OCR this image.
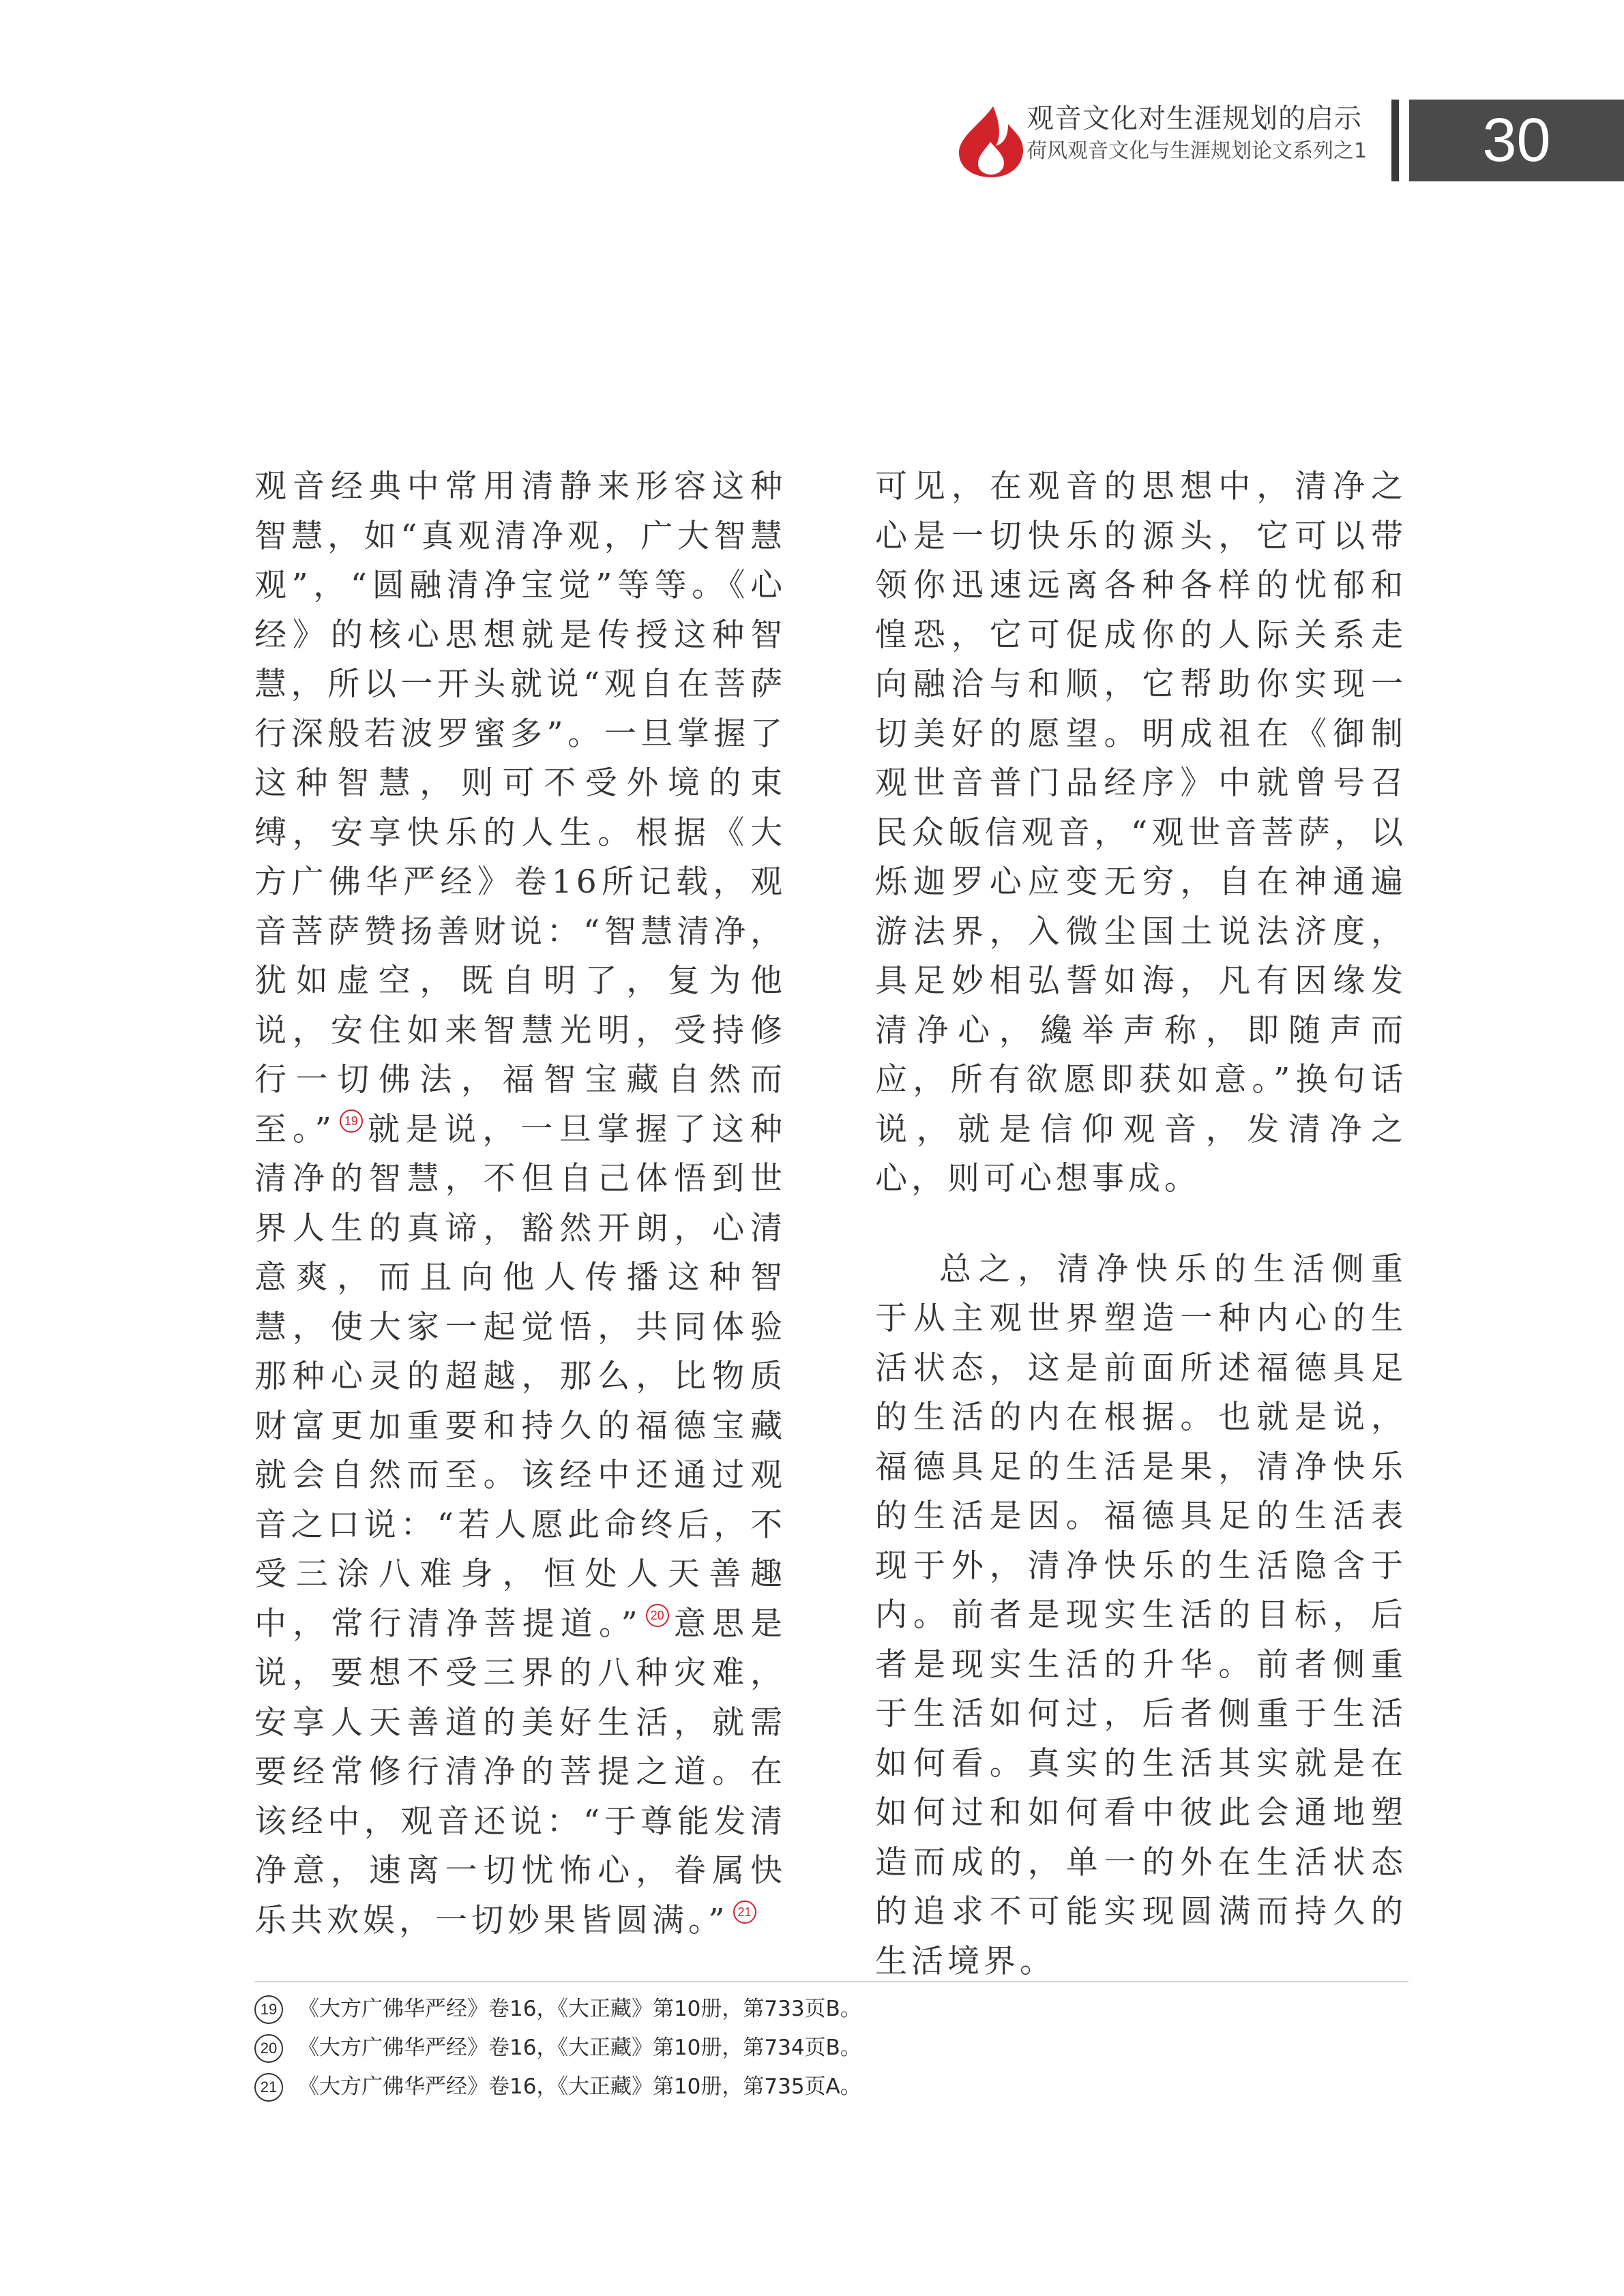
观音文化对生涯规划的启示
荷风观音文化与生涯规划论文系列之1	30

观音经典中常用清静来形容这种智慧，如“真观清净观，广大智慧观”，“圆融清净宝觉”等等。《心经》的核心思想就是传授这种智慧，所以一开头就说“观自在菩萨行深般若波罗蜜多”。一旦掌握了这种智慧，则可不受外境的束缚，安享快乐的人生。根据《大方广佛华严经》卷16所记载，观音菩萨赞扬善财说：“智慧清净，犹如虚空，既自明了，复为他说，安住如来智慧光明，受持修行一切佛法，福智宝藏自然而至。” 19 就是说，一旦掌握了这种清净的智慧，不但自己体悟到世界人生的真谛，豁然开朗，心清意爽，而且向他人传播这种智慧，使大家一起觉悟，共同体验那种心灵的超越，那么，比物质财富更加重要和持久的福德宝藏就会自然而至。该经中还通过观音之口说：“若人愿此命终后，不受三涂八难身，恒处人天善趣中，常行清净菩提道。” 20 意思是说，要想不受三界的八种灾难，安享人天善道的美好生活，就需要经常修行清净的菩提之道。在该经中，观音还说：“于尊能发清净意，速离一切忧怖心，眷属快乐共欢娱，一切妙果皆圆满。” 21

可见，在观音的思想中，清净之心是一切快乐的源头，它可以带领你迅速远离各种各样的忧郁和惶恐，它可促成你的人际关系走向融洽与和顺，它帮助你实现一切美好的愿望。明成祖在《御制观世音普门品经序》中就曾号召民众皈信观音，“观世音菩萨，以烁迦罗心应变无穷，自在神通遍游法界，入微尘国土说法济度，具足妙相弘誓如海，凡有因缘发清净心，纔举声称，即随声而应，所有欲愿即获如意。”换句话说，就是信仰观音，发清净之心，则可心想事成。

总之，清净快乐的生活侧重于从主观世界塑造一种内心的生活状态，这是前面所述福德具足的生活的内在根据。也就是说，福德具足的生活是果，清净快乐的生活是因。福德具足的生活表现于外，清净快乐的生活隐含于内。前者是现实生活的目标，后者是现实生活的升华。前者侧重于生活如何过，后者侧重于生活如何看。真实的生活其实就是在如何过和如何看中彼此会通地塑造而成的，单一的外在生活状态的追求不可能实现圆满而持久的生活境界。

19 《大方广佛华严经》卷16，《大正藏》第10册，第733页B。
20 《大方广佛华严经》卷16，《大正藏》第10册，第734页B。
21 《大方广佛华严经》卷16，《大正藏》第10册，第735页A。
